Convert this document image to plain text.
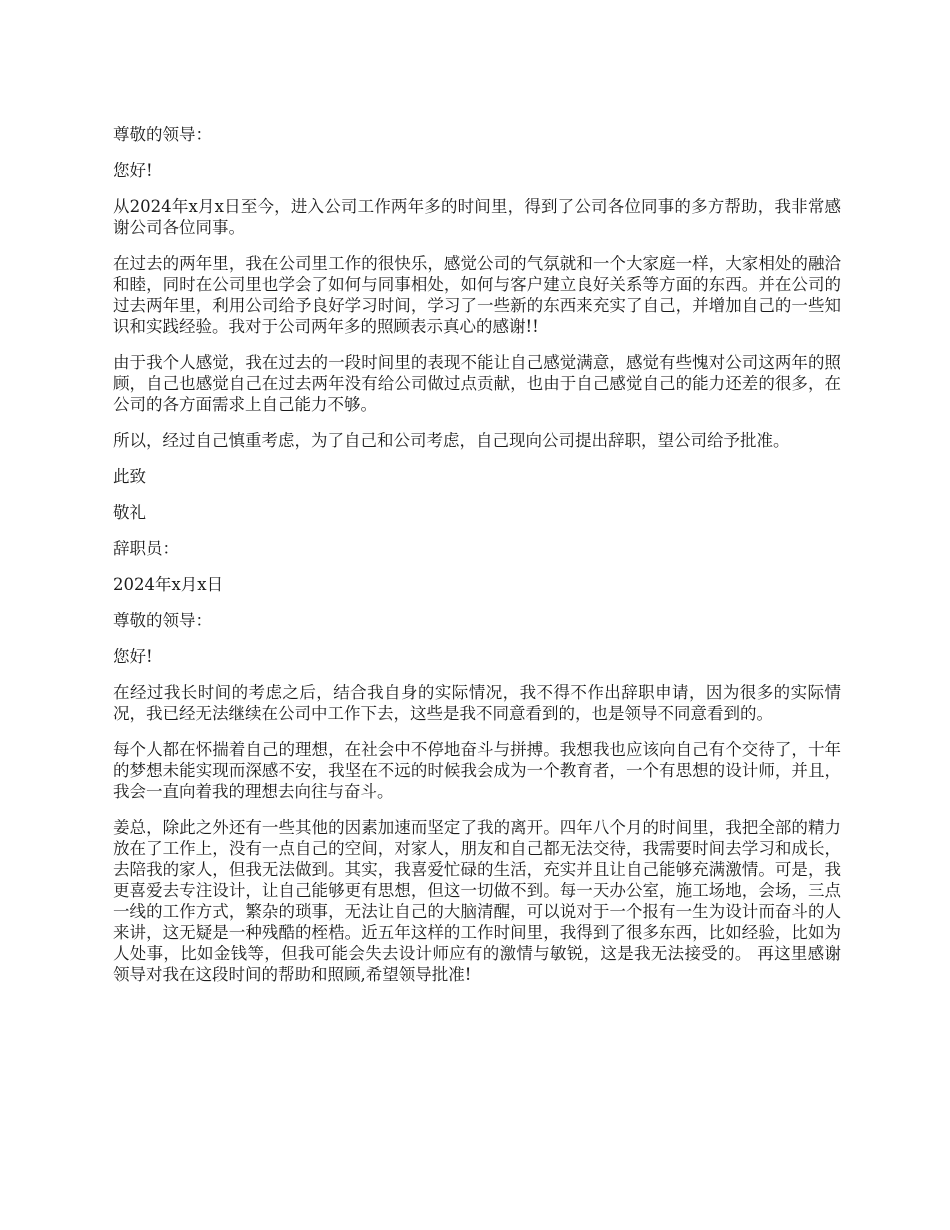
尊敬的领导：

您好!

从2024年x月x日至今，进入公司工作两年多的时间里，得到了公司各位同事的多方帮助，我非常感谢公司各位同事。

在过去的两年里，我在公司里工作的很快乐，感觉公司的气氛就和一个大家庭一样，大家相处的融洽和睦，同时在公司里也学会了如何与同事相处，如何与客户建立良好关系等方面的东西。并在公司的过去两年里，利用公司给予良好学习时间，学习了一些新的东西来充实了自己，并增加自己的一些知识和实践经验。我对于公司两年多的照顾表示真心的感谢!!

由于我个人感觉，我在过去的一段时间里的表现不能让自己感觉满意，感觉有些愧对公司这两年的照顾，自己也感觉自己在过去两年没有给公司做过点贡献，也由于自己感觉自己的能力还差的很多，在公司的各方面需求上自己能力不够。

所以，经过自己慎重考虑，为了自己和公司考虑，自己现向公司提出辞职，望公司给予批准。

此致

敬礼

辞职员：

2024年x月x日

尊敬的领导：

您好!

在经过我长时间的考虑之后，结合我自身的实际情况，我不得不作出辞职申请，因为很多的实际情况，我已经无法继续在公司中工作下去，这些是我不同意看到的，也是领导不同意看到的。

每个人都在怀揣着自己的理想，在社会中不停地奋斗与拼搏。我想我也应该向自己有个交待了，十年的梦想未能实现而深感不安，我坚在不远的时候我会成为一个教育者，一个有思想的设计师，并且，我会一直向着我的理想去向往与奋斗。

姜总，除此之外还有一些其他的因素加速而坚定了我的离开。四年八个月的时间里，我把全部的精力放在了工作上，没有一点自己的空间，对家人，朋友和自己都无法交待，我需要时间去学习和成长，去陪我的家人，但我无法做到。其实，我喜爱忙碌的生活，充实并且让自己能够充满激情。可是，我更喜爱去专注设计，让自己能够更有思想，但这一切做不到。每一天办公室，施工场地，会场，三点一线的工作方式，繁杂的琐事，无法让自己的大脑清醒，可以说对于一个报有一生为设计而奋斗的人来讲，这无疑是一种残酷的桎梏。近五年这样的工作时间里，我得到了很多东西，比如经验，比如为人处事，比如金钱等，但我可能会失去设计师应有的激情与敏锐，这是我无法接受的。 再这里感谢领导对我在这段时间的帮助和照顾,希望领导批准!
